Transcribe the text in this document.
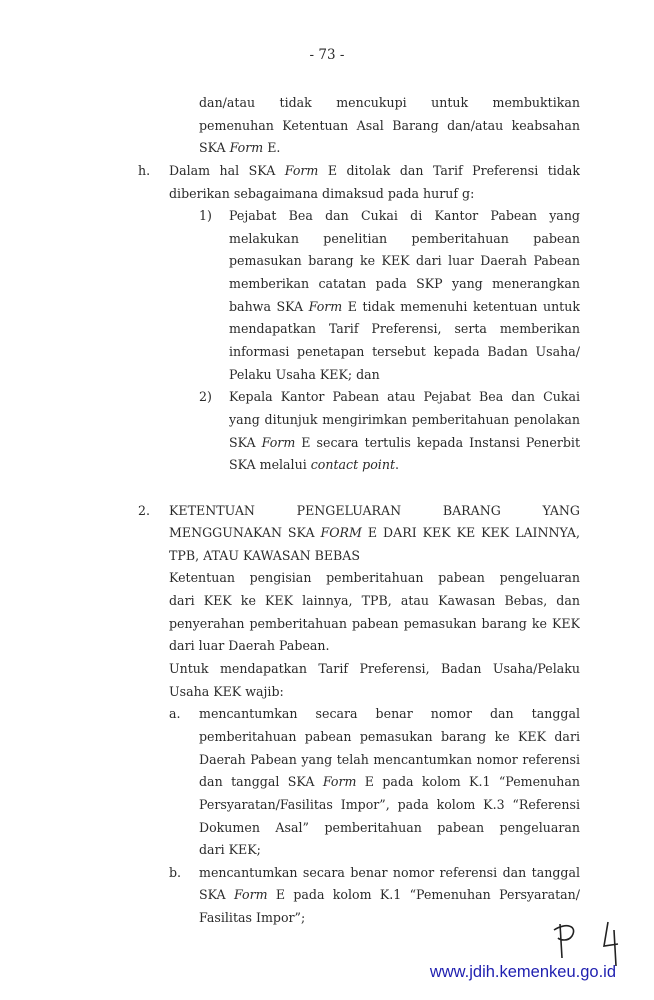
- 73 -
dan/atau tidak mencukupi untuk membuktikan
pemenuhan Ketentuan Asal Barang dan/atau keabsahan
SKA Form E.
h. Dalam hal SKA Form E ditolak dan Tarif Preferensi tidak
diberikan sebagaimana dimaksud pada huruf g:
1) Pejabat Bea dan Cukai di Kantor Pabean yang
melakukan penelitian pemberitahuan pabean
pemasukan barang ke KEK dari luar Daerah Pabean
memberikan catatan pada SKP yang menerangkan
bahwa SKA Form E tidak memenuhi ketentuan untuk
mendapatkan Tarif Preferensi, serta memberikan
informasi penetapan tersebut kepada Badan Usaha/
Pelaku Usaha KEK; dan
2) Kepala Kantor Pabean atau Pejabat Bea dan Cukai
yang ditunjuk mengirimkan pemberitahuan penolakan
SKA Form E secara tertulis kepada Instansi Penerbit
SKA melalui contact point.
2. KETENTUAN PENGELUARAN BARANG YANG
MENGGUNAKAN SKA FORM E DARI KEK KE KEK LAINNYA,
TPB, ATAU KAWASAN BEBAS
Ketentuan pengisian pemberitahuan pabean pengeluaran
dari KEK ke KEK lainnya, TPB, atau Kawasan Bebas, dan
penyerahan pemberitahuan pabean pemasukan barang ke KEK
dari luar Daerah Pabean.
Untuk mendapatkan Tarif Preferensi, Badan Usaha/Pelaku
Usaha KEK wajib:
a. mencantumkan secara benar nomor dan tanggal
pemberitahuan pabean pemasukan barang ke KEK dari
Daerah Pabean yang telah mencantumkan nomor referensi
dan tanggal SKA Form E pada kolom K.1 “Pemenuhan
Persyaratan/Fasilitas Impor”, pada kolom K.3 “Referensi
Dokumen Asal” pemberitahuan pabean pengeluaran
dari KEK;
b. mencantumkan secara benar nomor referensi dan tanggal
SKA Form E pada kolom K.1 “Pemenuhan Persyaratan/
Fasilitas Impor”;
www.jdih.kemenkeu.go.id
